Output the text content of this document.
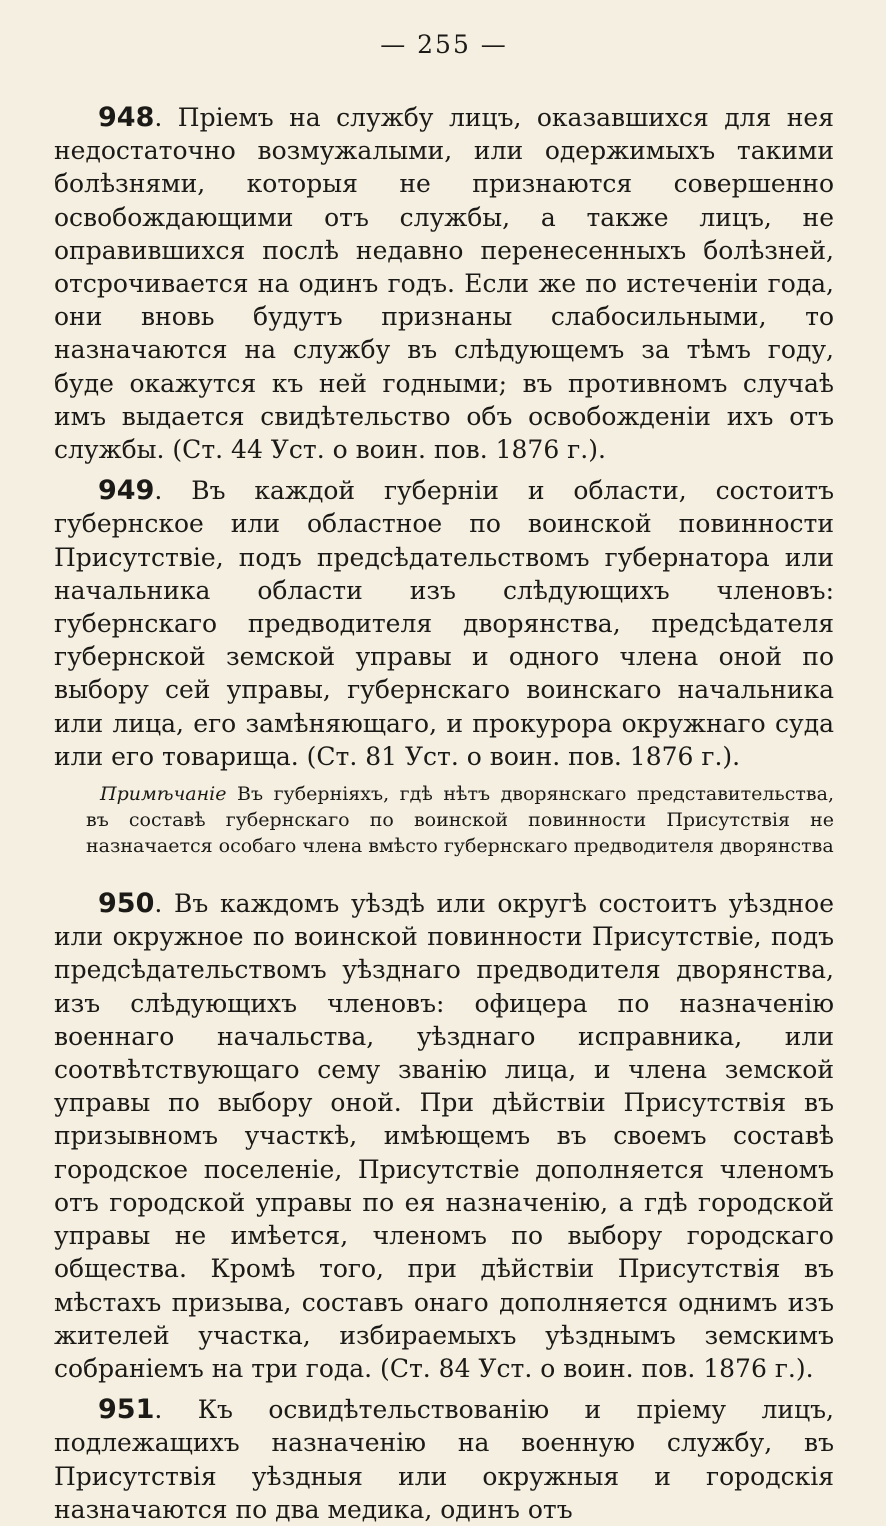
— 255 —

948. Пріемъ на службу лицъ, оказавшихся для нея недостаточно возмужалыми, или одержимыхъ такими болѣзнями, которыя не признаются совершенно освобождающими отъ службы, а также лицъ, не оправившихся послѣ недавно перенесенныхъ болѣзней, отсрочивается на одинъ годъ. Если же по истеченіи года, они вновь будутъ признаны слабосильными, то назначаются на службу въ слѣдующемъ за тѣмъ году, буде окажутся къ ней годными; въ противномъ случаѣ имъ выдается свидѣтельство объ освобожденіи ихъ отъ службы. (Ст. 44 Уст. о воин. пов. 1876 г.).

949. Въ каждой губерніи и области, состоитъ губернское или областное по воинской повинности Присутствіе, подъ предсѣдательствомъ губернатора или начальника области изъ слѣдующихъ членовъ: губернскаго предводителя дворянства, предсѣдателя губернской земской управы и одного члена оной по выбору сей управы, губернскаго воинскаго начальника или лица, его замѣняющаго, и прокурора окружнаго суда или его товарища. (Ст. 81 Уст. о воин. пов. 1876 г.).

Примѣчаніе Въ губерніяхъ, гдѣ нѣтъ дворянскаго представительства, въ составѣ губернскаго по воинской повинности Присутствія не назначается особаго члена вмѣсто губернскаго предводителя дворянства

950. Въ каждомъ уѣздѣ или округѣ состоитъ уѣздное или окружное по воинской повинности Присутствіе, подъ предсѣдательствомъ уѣзднаго предводителя дворянства, изъ слѣдующихъ членовъ: офицера по назначенію военнаго начальства, уѣзднаго исправника, или соотвѣтствующаго сему званію лица, и члена земской управы по выбору оной. При дѣйствіи Присутствія въ призывномъ участкѣ, имѣющемъ въ своемъ составѣ городское поселеніе, Присутствіе дополняется членомъ отъ городской управы по ея назначенію, а гдѣ городской управы не имѣется, членомъ по выбору городскаго общества. Кромѣ того, при дѣйствіи Присутствія въ мѣстахъ призыва, составъ онаго дополняется однимъ изъ жителей участка, избираемыхъ уѣзднымъ земскимъ собраніемъ на три года. (Ст. 84 Уст. о воин. пов. 1876 г.).

951. Къ освидѣтельствованію и пріему лицъ, подлежащихъ назначенію на военную службу, въ Присутствія уѣздныя или окружныя и городскія назначаются по два медика, одинъ отъ
